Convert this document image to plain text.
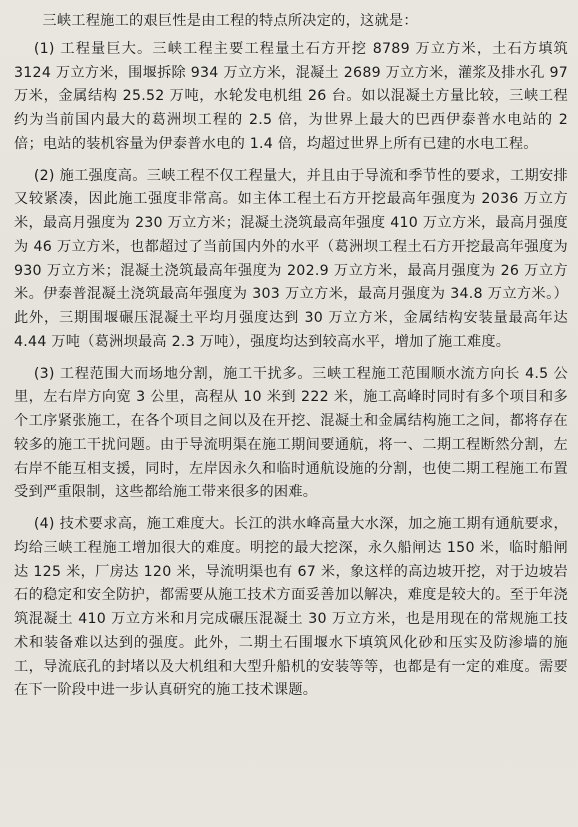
三峡工程施工的艰巨性是由工程的特点所决定的，这就是：

(1) 工程量巨大。三峡工程主要工程量土石方开挖 8789 万立方米，土石方填筑 3124 万立方米，围堰拆除 934 万立方米，混凝土 2689 万立方米，灌浆及排水孔 97 万米，金属结构 25.52 万吨，水轮发电机组 26 台。如以混凝土方量比较，三峡工程约为当前国内最大的葛洲坝工程的 2.5 倍，为世界上最大的巴西伊泰普水电站的 2 倍；电站的装机容量为伊泰普水电的 1.4 倍，均超过世界上所有已建的水电工程。

(2) 施工强度高。三峡工程不仅工程量大，并且由于导流和季节性的要求，工期安排又较紧凑，因此施工强度非常高。如主体工程土石方开挖最高年强度为 2036 万立方米，最高月强度为 230 万立方米；混凝土浇筑最高年强度 410 万立方米，最高月强度为 46 万立方米，也都超过了当前国内外的水平（葛洲坝工程土石方开挖最高年强度为 930 万立方米；混凝土浇筑最高年强度为 202.9 万立方米，最高月强度为 26 万立方米。伊泰普混凝土浇筑最高年强度为 303 万立方米，最高月强度为 34.8 万立方米。）此外，三期围堰碾压混凝土平均月强度达到 30 万立方米，金属结构安装量最高年达 4.44 万吨（葛洲坝最高 2.3 万吨），强度均达到较高水平，增加了施工难度。

(3) 工程范围大而场地分割，施工干扰多。三峡工程施工范围顺水流方向长 4.5 公里，左右岸方向宽 3 公里，高程从 10 米到 222 米，施工高峰时同时有多个项目和多个工序紧张施工，在各个项目之间以及在开挖、混凝土和金属结构施工之间，都将存在较多的施工干扰问题。由于导流明渠在施工期间要通航，将一、二期工程断然分割，左右岸不能互相支援，同时，左岸因永久和临时通航设施的分割，也使二期工程施工布置受到严重限制，这些都给施工带来很多的困难。

(4) 技术要求高，施工难度大。长江的洪水峰高量大水深，加之施工期有通航要求，均给三峡工程施工增加很大的难度。明挖的最大挖深，永久船闸达 150 米，临时船闸达 125 米，厂房达 120 米，导流明渠也有 67 米，象这样的高边坡开挖，对于边坡岩石的稳定和安全防护，都需要从施工技术方面妥善加以解决，难度是较大的。至于年浇筑混凝土 410 万立方米和月完成碾压混凝土 30 万立方米，也是用现在的常规施工技术和装备难以达到的强度。此外，二期土石围堰水下填筑风化砂和压实及防渗墙的施工，导流底孔的封堵以及大机组和大型升船机的安装等等，也都是有一定的难度。需要在下一阶段中进一步认真研究的施工技术课题。
